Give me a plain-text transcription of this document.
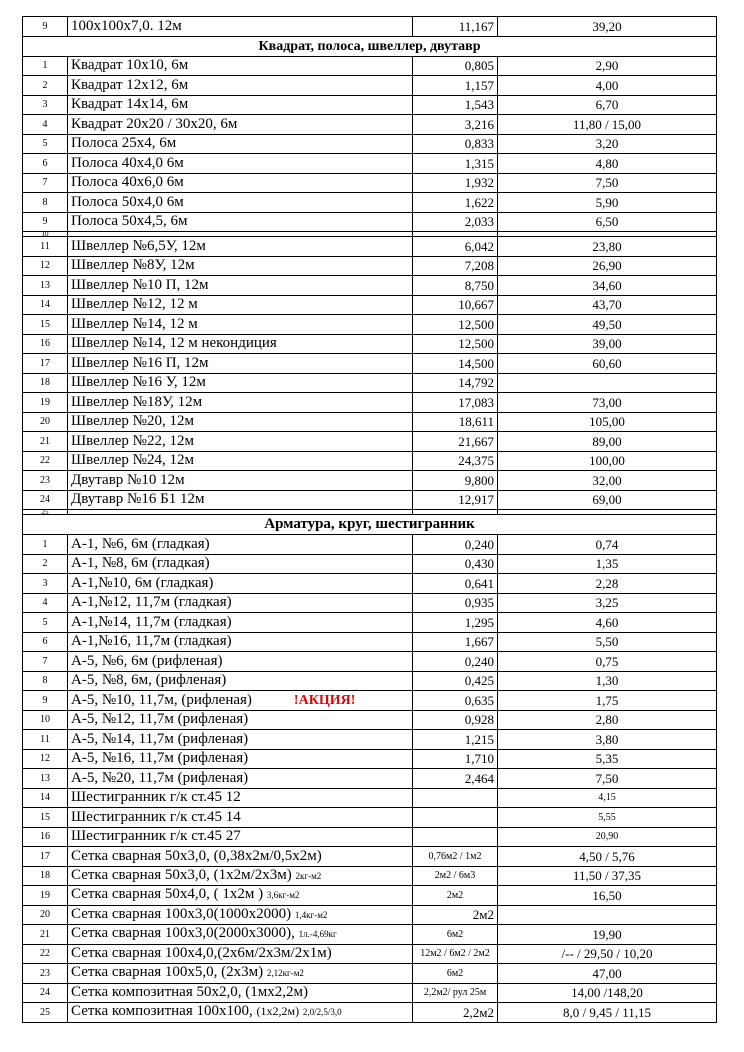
9	100х100х7,0. 12м	11,167	39,20
Квадрат, полоса, швеллер, двутавр			
1	Квадрат 10х10, 6м	0,805	2,90
2	Квадрат 12х12, 6м	1,157	4,00
3	Квадрат 14х14, 6м	1,543	6,70
4	Квадрат 20х20 / 30х20, 6м	3,216	11,80 / 15,00
5	Полоса 25х4, 6м	0,833	3,20
6	Полоса 40х4,0 6м	1,315	4,80
7	Полоса 40х6,0 6м	1,932	7,50
8	Полоса 50х4,0 6м	1,622	5,90
9	Полоса 50х4,5, 6м	2,033	6,50
10			
11	Швеллер №6,5У, 12м	6,042	23,80
12	Швеллер №8У, 12м	7,208	26,90
13	Швеллер №10 П, 12м	8,750	34,60
14	Швеллер №12, 12 м	10,667	43,70
15	Швеллер №14, 12 м	12,500	49,50
16	Швеллер №14, 12 м некондиция	12,500	39,00
17	Швеллер №16 П, 12м	14,500	60,60
18	Швеллер №16 У, 12м	14,792	
19	Швеллер №18У, 12м	17,083	73,00
20	Швеллер №20, 12м	18,611	105,00
21	Швеллер №22, 12м	21,667	89,00
22	Швеллер №24, 12м	24,375	100,00
23	Двутавр №10 12м	9,800	32,00
24	Двутавр №16 Б1 12м	12,917	69,00
25			
Арматура, круг, шестигранник			
1	А-1, №6, 6м (гладкая)	0,240	0,74
2	А-1, №8, 6м (гладкая)	0,430	1,35
3	А-1,№10, 6м (гладкая)	0,641	2,28
4	А-1,№12, 11,7м (гладкая)	0,935	3,25
5	А-1,№14, 11,7м (гладкая)	1,295	4,60
6	А-1,№16, 11,7м (гладкая)	1,667	5,50
7	А-5, №6, 6м (рифленая)	0,240	0,75
8	А-5, №8, 6м, (рифленая)	0,425	1,30
9	А-5, №10, 11,7м, (рифленая) !АКЦИЯ!	0,635	1,75
10	А-5, №12, 11,7м (рифленая)	0,928	2,80
11	А-5, №14, 11,7м (рифленая)	1,215	3,80
12	А-5, №16, 11,7м (рифленая)	1,710	5,35
13	А-5, №20, 11,7м (рифленая)	2,464	7,50
14	Шестигранник г/к ст.45 12		4,15
15	Шестигранник г/к ст.45 14		5,55
16	Шестигранник г/к ст.45 27		20,90
17	Сетка сварная 50х3,0, (0,38х2м/0,5х2м)	0,76м2 / 1м2	4,50 / 5,76
18	Сетка сварная 50х3,0, (1х2м/2х3м) 2кг-м2	2м2 / 6м3	11,50 / 37,35
19	Сетка сварная 50х4,0, ( 1х2м ) 3,6кг-м2	2м2	16,50
20	Сетка сварная 100х3,0(1000х2000) 1,4кг-м2	2м2	
21	Сетка сварная 100х3,0(2000х3000), 1л.-4,69кг	6м2	19,90
22	Сетка сварная 100х4,0,(2х6м/2х3м/2х1м)	12м2 / 6м2 / 2м2	/-- / 29,50 / 10,20
23	Сетка сварная 100х5,0, (2х3м) 2,12кг-м2	6м2	47,00
24	Сетка композитная 50х2,0, (1мх2,2м)	2,2м2/ рул 25м	14,00 /148,20
25	Сетка композитная 100х100, (1х2,2м) 2,0/2,5/3,0	2,2м2	8,0 / 9,45 / 11,15
